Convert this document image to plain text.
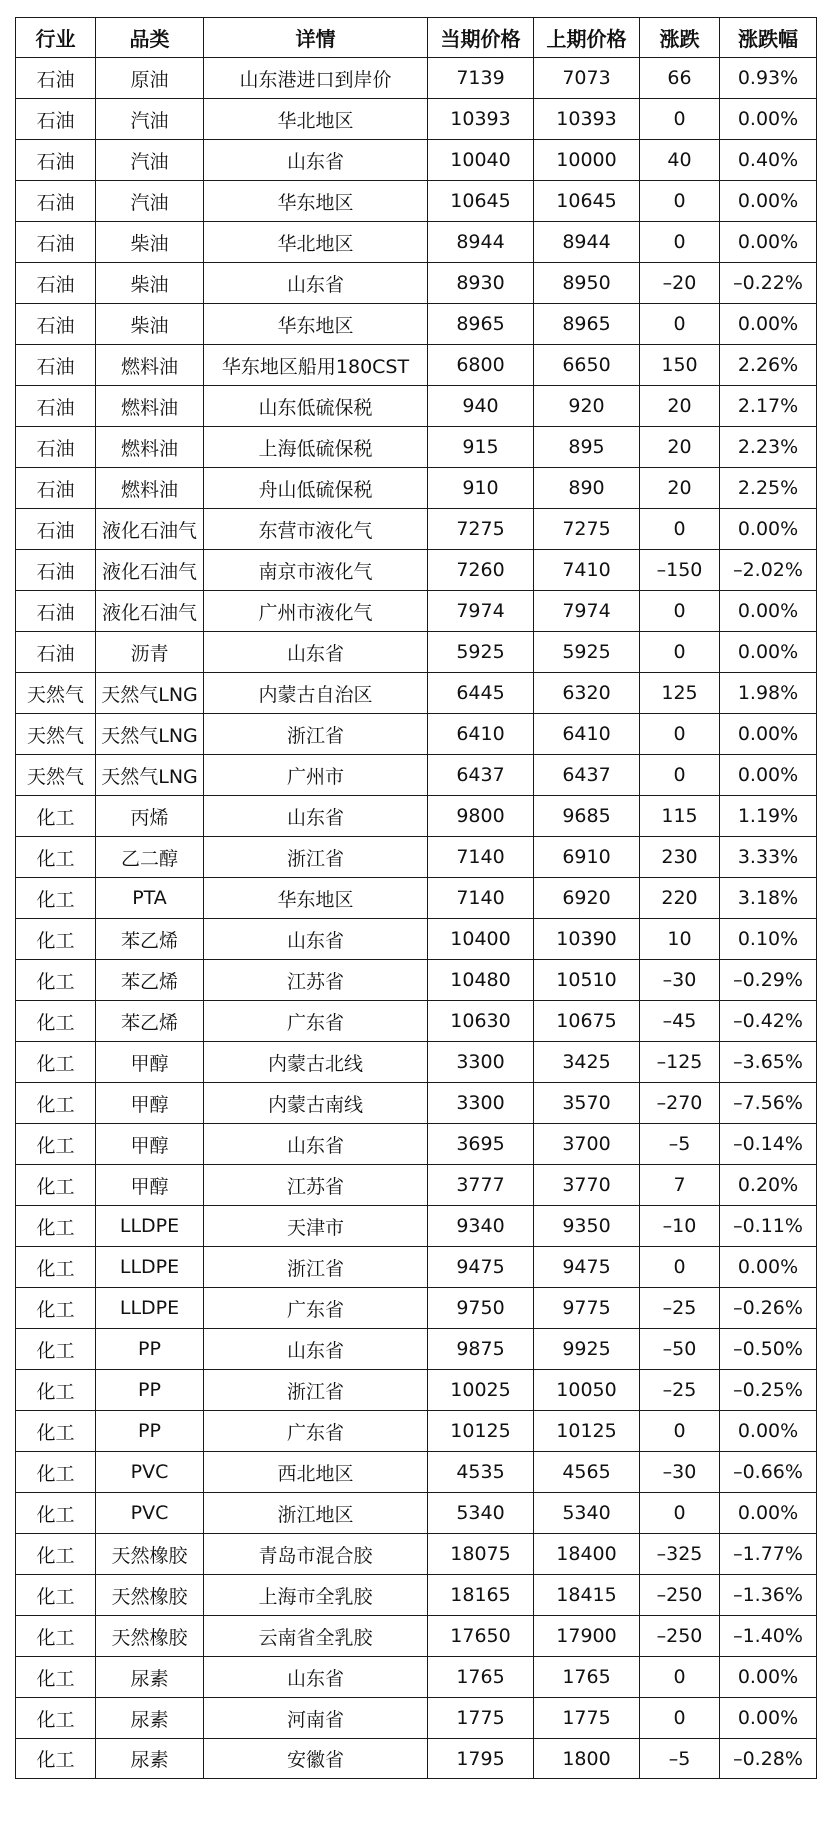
行业	品类	详情	当期价格	上期价格	涨跌	涨跌幅
石油	原油	山东港进口到岸价	7139	7073	66	0.93%
石油	汽油	华北地区	10393	10393	0	0.00%
石油	汽油	山东省	10040	10000	40	0.40%
石油	汽油	华东地区	10645	10645	0	0.00%
石油	柴油	华北地区	8944	8944	0	0.00%
石油	柴油	山东省	8930	8950	–20	–0.22%
石油	柴油	华东地区	8965	8965	0	0.00%
石油	燃料油	华东地区船用180CST	6800	6650	150	2.26%
石油	燃料油	山东低硫保税	940	920	20	2.17%
石油	燃料油	上海低硫保税	915	895	20	2.23%
石油	燃料油	舟山低硫保税	910	890	20	2.25%
石油	液化石油气	东营市液化气	7275	7275	0	0.00%
石油	液化石油气	南京市液化气	7260	7410	–150	–2.02%
石油	液化石油气	广州市液化气	7974	7974	0	0.00%
石油	沥青	山东省	5925	5925	0	0.00%
天然气	天然气LNG	内蒙古自治区	6445	6320	125	1.98%
天然气	天然气LNG	浙江省	6410	6410	0	0.00%
天然气	天然气LNG	广州市	6437	6437	0	0.00%
化工	丙烯	山东省	9800	9685	115	1.19%
化工	乙二醇	浙江省	7140	6910	230	3.33%
化工	PTA	华东地区	7140	6920	220	3.18%
化工	苯乙烯	山东省	10400	10390	10	0.10%
化工	苯乙烯	江苏省	10480	10510	–30	–0.29%
化工	苯乙烯	广东省	10630	10675	–45	–0.42%
化工	甲醇	内蒙古北线	3300	3425	–125	–3.65%
化工	甲醇	内蒙古南线	3300	3570	–270	–7.56%
化工	甲醇	山东省	3695	3700	–5	–0.14%
化工	甲醇	江苏省	3777	3770	7	0.20%
化工	LLDPE	天津市	9340	9350	–10	–0.11%
化工	LLDPE	浙江省	9475	9475	0	0.00%
化工	LLDPE	广东省	9750	9775	–25	–0.26%
化工	PP	山东省	9875	9925	–50	–0.50%
化工	PP	浙江省	10025	10050	–25	–0.25%
化工	PP	广东省	10125	10125	0	0.00%
化工	PVC	西北地区	4535	4565	–30	–0.66%
化工	PVC	浙江地区	5340	5340	0	0.00%
化工	天然橡胶	青岛市混合胶	18075	18400	–325	–1.77%
化工	天然橡胶	上海市全乳胶	18165	18415	–250	–1.36%
化工	天然橡胶	云南省全乳胶	17650	17900	–250	–1.40%
化工	尿素	山东省	1765	1765	0	0.00%
化工	尿素	河南省	1775	1775	0	0.00%
化工	尿素	安徽省	1795	1800	–5	–0.28%
